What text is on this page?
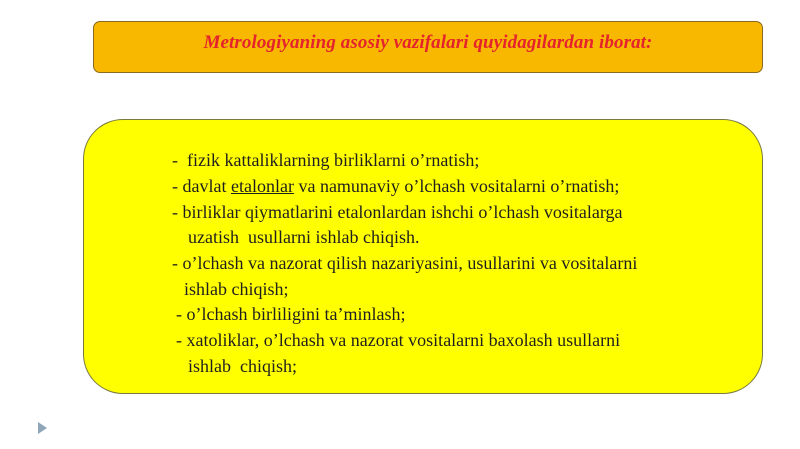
Metrologiyaning asosiy vazifalari quyidagilardan iborat:
-  fizik kattaliklarning birliklarni o’rnatish;
- davlat etalonlar va namunaviy o’lchash vositalarni o’rnatish;
- birliklar qiymatlarini etalonlardan ishchi o’lchash vositalarga
uzatish  usullarni ishlab chiqish.
- o’lchash va nazorat qilish nazariyasini, usullarini va vositalarni
ishlab chiqish;
- o’lchash birliligini ta’minlash;
- xatoliklar, o’lchash va nazorat vositalarni baxolash usullarni
ishlab  chiqish;
